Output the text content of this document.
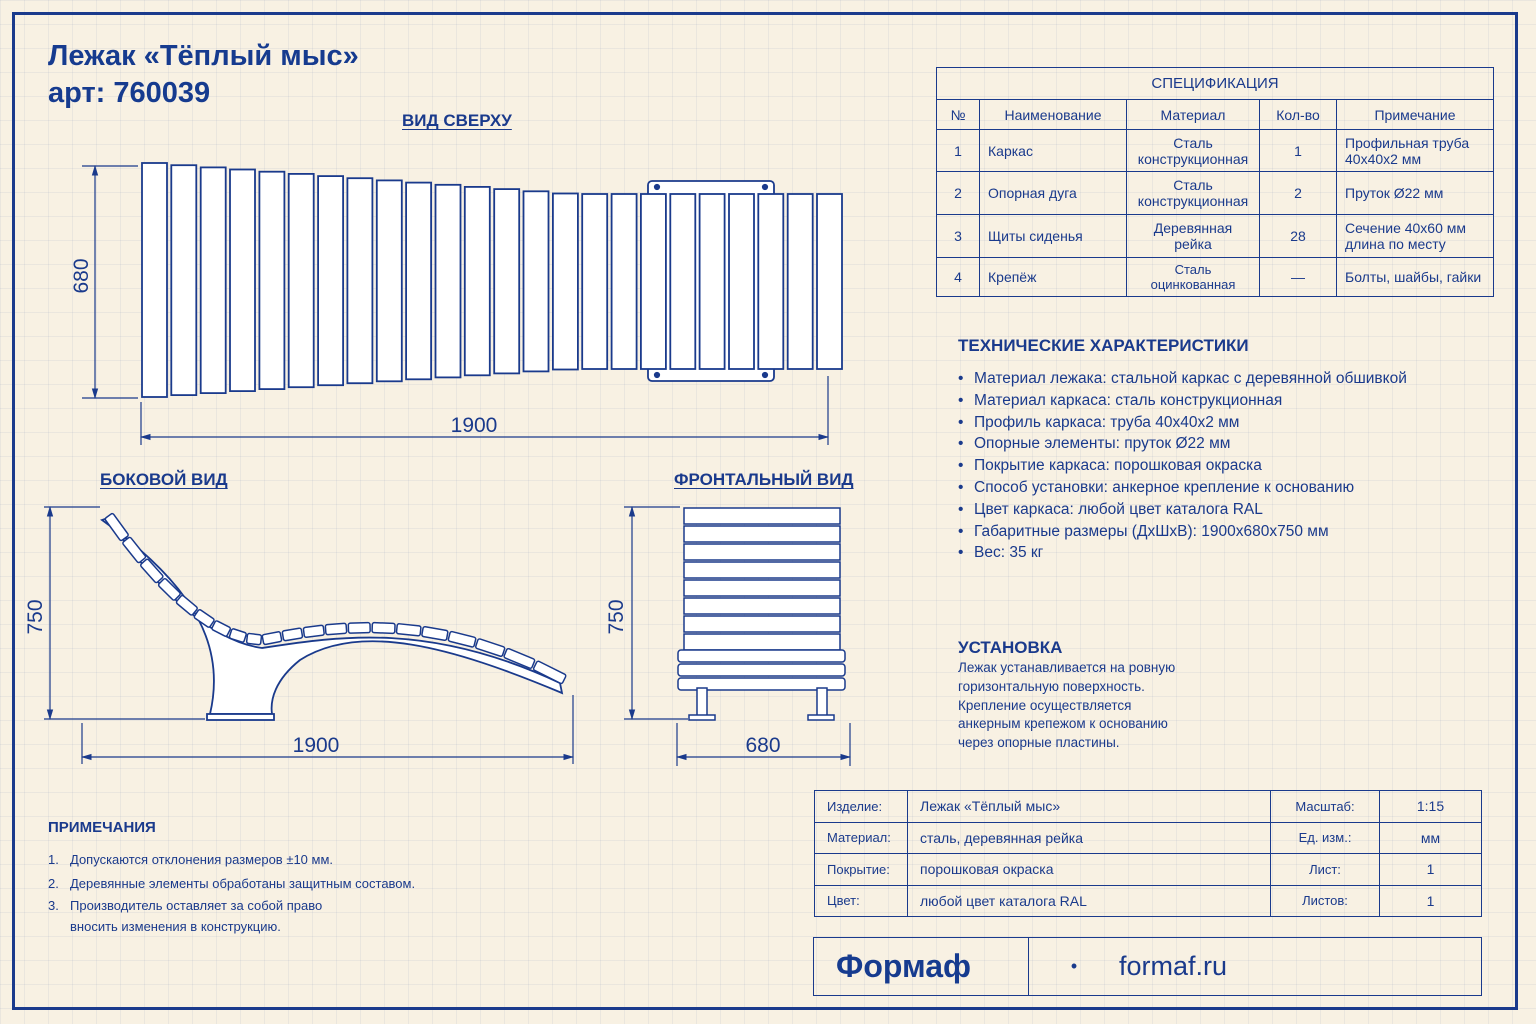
Лежак «Тёплый мыс»
арт: 760039
ВИД СВЕРХУ
БОКОВОЙ ВИД	ФРОНТАЛЬНЫЙ ВИД
680
1900
750
1900
750
680
СПЕЦИФИКАЦИЯ				
№	Наименование	Материал	Кол-во	Примечание
1	Каркас	Сталь конструкционная	1	Профильная труба 40x40x2 мм
2	Опорная дуга	Сталь конструкционная	2	Пруток Ø22 мм
3	Щиты сиденья	Деревянная рейка	28	Сечение 40x60 мм длина по месту
4	Крепёж	Сталь оцинкованная	—	Болты, шайбы, гайки
ТЕХНИЧЕСКИЕ ХАРАКТЕРИСТИКИ
• Материал лежака: стальной каркас с деревянной обшивкой
• Материал каркаса: сталь конструкционная
• Профиль каркаса: труба 40x40x2 мм
• Опорные элементы: пруток Ø22 мм
• Покрытие каркаса: порошковая окраска
• Способ установки: анкерное крепление к основанию
• Цвет каркаса: любой цвет каталога RAL
• Габаритные размеры (ДxШxВ): 1900x680x750 мм
• Вес: 35 кг
УСТАНОВКА
Лежак устанавливается на ровную
горизонтальную поверхность.
Крепление осуществляется
анкерным крепежом к основанию
через опорные пластины.
ПРИМЕЧАНИЯ
1. Допускаются отклонения размеров ±10 мм.
2. Деревянные элементы обработаны защитным составом.
3. Производитель оставляет за собой право
вносить изменения в конструкцию.
Изделие:	Лежак «Тёплый мыс»	Масштаб:	1:15
Материал:	сталь, деревянная рейка	Ед. изм.:	мм
Покрытие:	порошковая окраска	Лист:	1
Цвет:	любой цвет каталога RAL	Листов:	1
Формаф	•	formaf.ru
